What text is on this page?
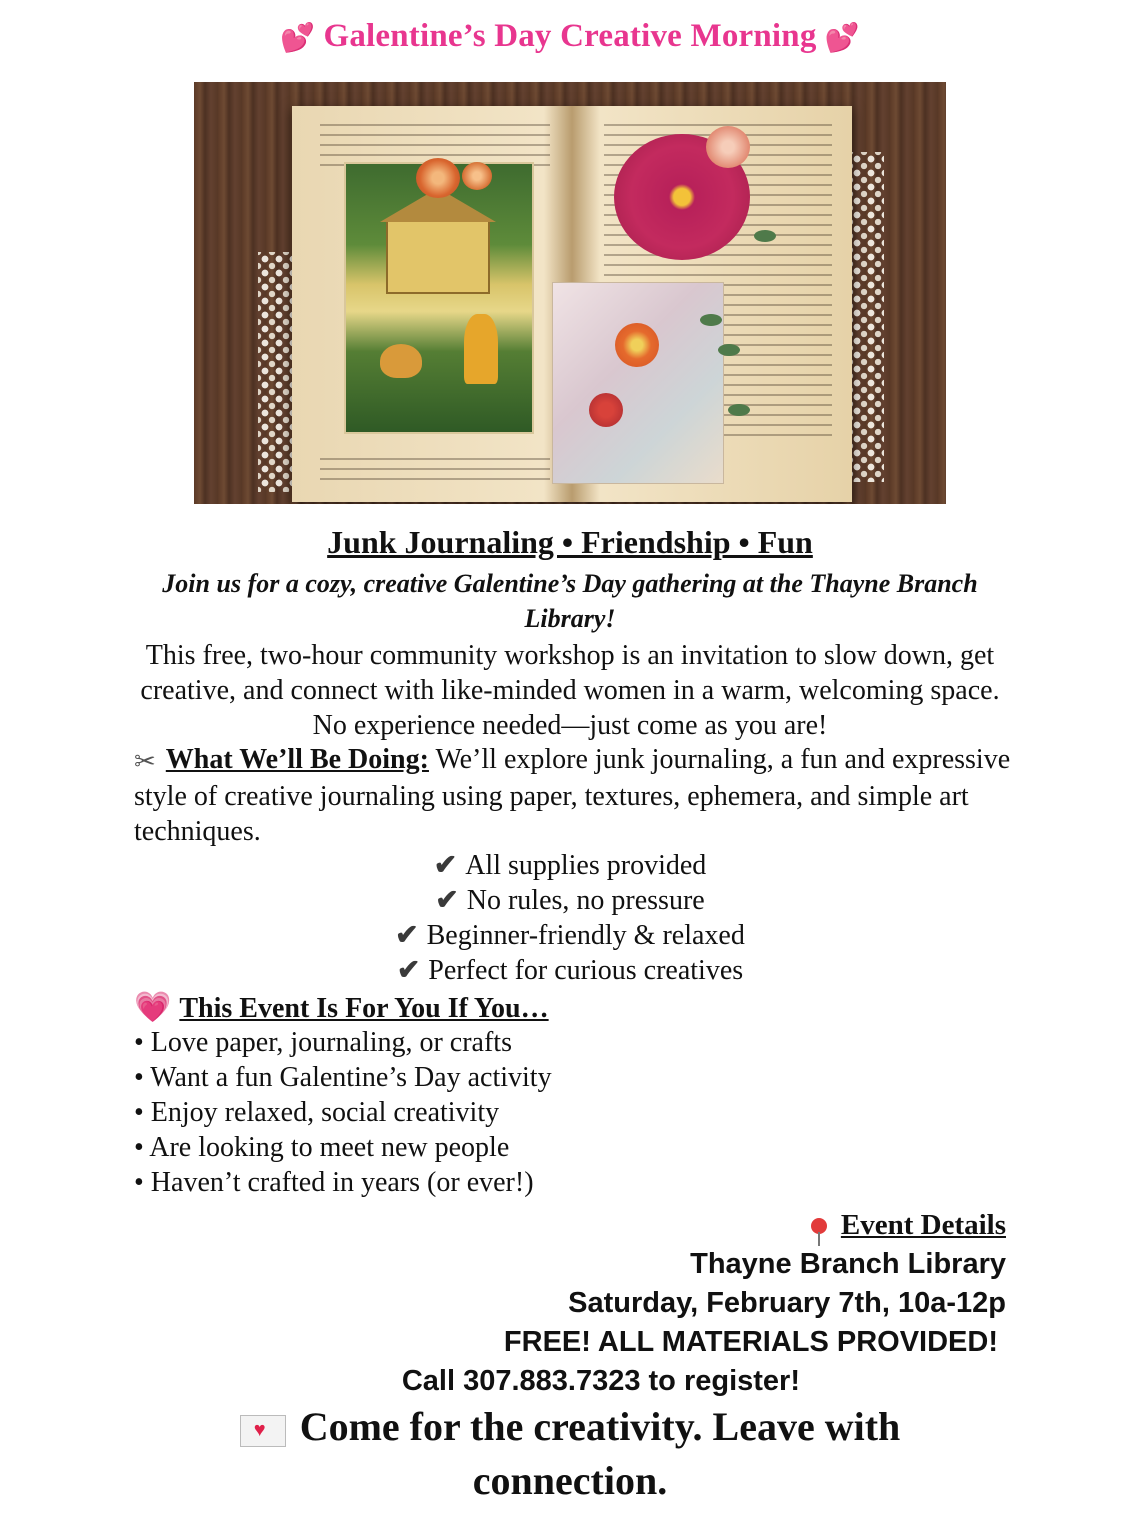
💕 Galentine’s Day Creative Morning 💕
Junk Journaling • Friendship • Fun
Join us for a cozy, creative Galentine’s Day gathering at the Thayne Branch Library!
This free, two-hour community workshop is an invitation to slow down, get creative, and connect with like-minded women in a warm, welcoming space. No experience needed—just come as you are!
✂ What We’ll Be Doing: We’ll explore junk journaling, a fun and expressive style of creative journaling using paper, textures, ephemera, and simple art techniques.
✔ All supplies provided
✔ No rules, no pressure
✔ Beginner-friendly & relaxed
✔ Perfect for curious creatives
💗 This Event Is For You If You…
• Love paper, journaling, or crafts
• Want a fun Galentine’s Day activity
• Enjoy relaxed, social creativity
• Are looking to meet new people
• Haven’t crafted in years (or ever!)
Event Details
Thayne Branch Library
Saturday, February 7th, 10a-12p
FREE! ALL MATERIALS PROVIDED!
Call 307.883.7323 to register!
♥Come for the creativity. Leave with connection.
